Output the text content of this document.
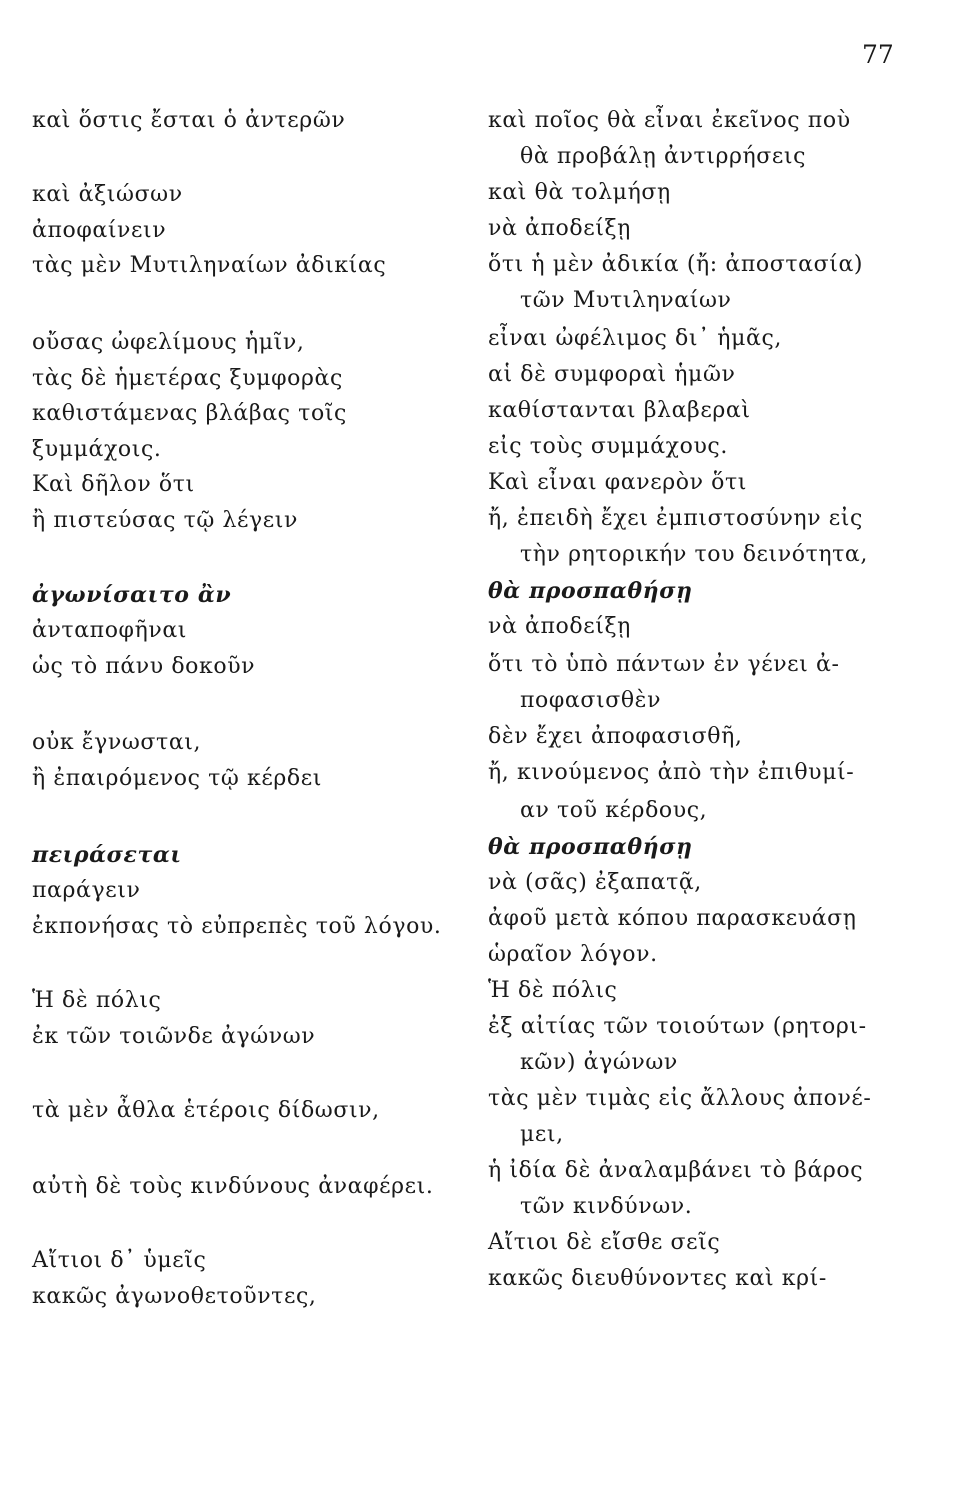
77
καὶ ὅστις ἔσται ὁ ἀντερῶν
καὶ ἀξιώσων
ἀποφαίνειν
τὰς μὲν Μυτιληναίων ἀδικίας
οὔσας ὠφελίμους ἡμῖν,
τὰς δὲ ἡμετέρας ξυμφορὰς
καθιστάμενας βλάβας τοῖς
ξυμμάχοις.
Καὶ δῆλον ὅτι
ἢ πιστεύσας τῷ λέγειν
ἀγωνίσαιτο ἂν
ἀνταποφῆναι
ὡς τὸ πάνυ δοκοῦν
οὐκ ἔγνωσται,
ἢ ἐπαιρόμενος τῷ κέρδει
πειράσεται
παράγειν
ἐκπονήσας τὸ εὐπρεπὲς τοῦ λόγου.
Ἡ δὲ πόλις
ἐκ τῶν τοιῶνδε ἀγώνων
τὰ μὲν ἆθλα ἑτέροις δίδωσιν,
αὐτὴ δὲ τοὺς κινδύνους ἀναφέρει.
Αἴτιοι δ᾿ ὑμεῖς
κακῶς ἀγωνοθετοῦντες,
καὶ ποῖος θὰ εἶναι ἐκεῖνος ποὺ
θὰ προβάλῃ ἀντιρρήσεις
καὶ θὰ τολμήσῃ
νὰ ἀποδείξῃ
ὅτι ἡ μὲν ἀδικία (ἤ: ἀποστασία)
τῶν Μυτιληναίων
εἶναι ὠφέλιμος δι᾿ ἡμᾶς,
αἱ δὲ συμφοραὶ ἡμῶν
καθίστανται βλαβεραὶ
εἰς τοὺς συμμάχους.
Καὶ εἶναι φανερὸν ὅτι
ἤ, ἐπειδὴ ἔχει ἐμπιστοσύνην εἰς
τὴν ρητορικήν του δεινότητα,
θὰ προσπαθήσῃ
νὰ ἀποδείξῃ
ὅτι τὸ ὑπὸ πάντων ἐν γένει ἀ-
ποφασισθὲν
δὲν ἔχει ἀποφασισθῆ,
ἤ, κινούμενος ἀπὸ τὴν ἐπιθυμί-
αν τοῦ κέρδους,
θὰ προσπαθήσῃ
νὰ (σᾶς) ἐξαπατᾷ,
ἀφοῦ μετὰ κόπου παρασκευάσῃ
ὡραῖον λόγον.
Ἡ δὲ πόλις
ἐξ αἰτίας τῶν τοιούτων (ρητορι-
κῶν) ἀγώνων
τὰς μὲν τιμὰς εἰς ἄλλους ἀπονέ-
μει,
ἡ ἰδία δὲ ἀναλαμβάνει τὸ βάρος
τῶν κινδύνων.
Αἴτιοι δὲ εἴσθε σεῖς
κακῶς διευθύνοντες καὶ κρί-
